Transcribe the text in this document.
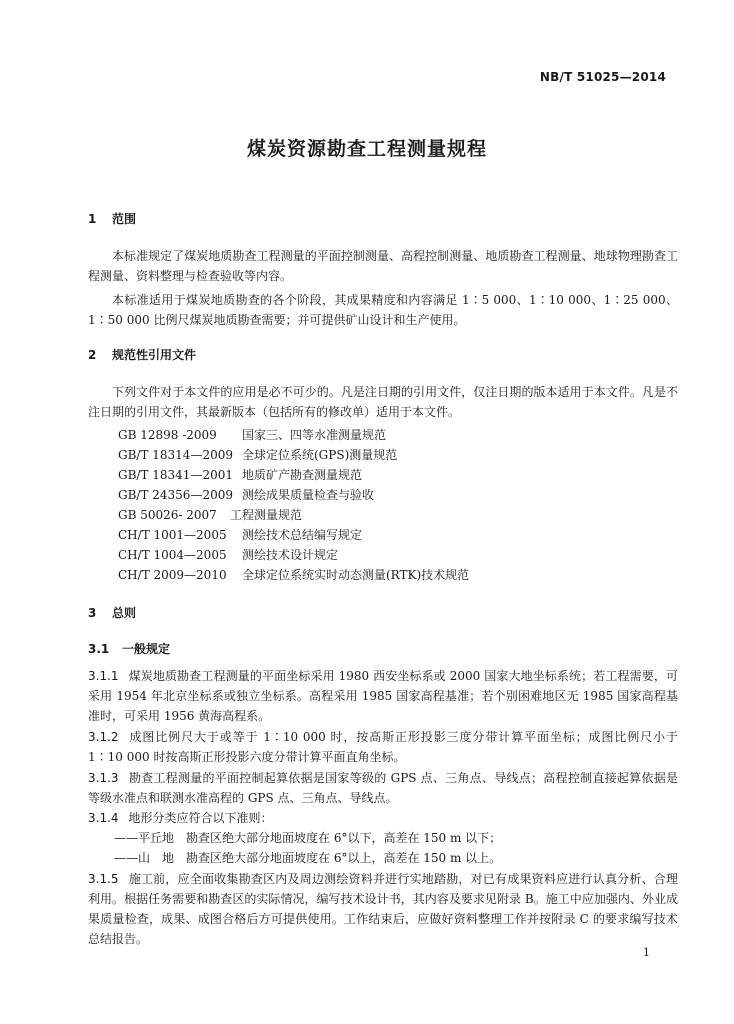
NB/T 51025—2014
煤炭资源勘查工程测量规程
1 范围
本标准规定了煤炭地质勘查工程测量的平面控制测量、高程控制测量、地质勘查工程测量、地球物理勘查工程测量、资料整理与检查验收等内容。
本标准适用于煤炭地质勘查的各个阶段，其成果精度和内容满足 1∶5 000、1∶10 000、1∶25 000、1∶50 000 比例尺煤炭地质勘查需要；并可提供矿山设计和生产使用。
2 规范性引用文件
下列文件对于本文件的应用是必不可少的。凡是注日期的引用文件，仅注日期的版本适用于本文件。凡是不注日期的引用文件，其最新版本（包括所有的修改单）适用于本文件。
GB 12898 -2009 国家三、四等水准测量规范
GB/T 18314—2009 全球定位系统(GPS)测量规范
GB/T 18341—2001 地质矿产勘查测量规范
GB/T 24356—2009 测绘成果质量检查与验收
GB 50026- 2007 工程测量规范
CH/T 1001—2005 测绘技术总结编写规定
CH/T 1004—2005 测绘技术设计规定
CH/T 2009—2010 全球定位系统实时动态测量(RTK)技术规范
3 总则
3.1 一般规定
3.1.1 煤炭地质勘查工程测量的平面坐标采用 1980 西安坐标系或 2000 国家大地坐标系统；若工程需要，可采用 1954 年北京坐标系或独立坐标系。高程采用 1985 国家高程基准；若个别困难地区无 1985 国家高程基准时，可采用 1956 黄海高程系。
3.1.2 成图比例尺大于或等于 1∶10 000 时，按高斯正形投影三度分带计算平面坐标；成图比例尺小于 1∶10 000 时按高斯正形投影六度分带计算平面直角坐标。
3.1.3 勘查工程测量的平面控制起算依据是国家等级的 GPS 点、三角点、导线点；高程控制直接起算依据是等级水准点和联测水准高程的 GPS 点、三角点、导线点。
3.1.4 地形分类应符合以下准则：
——平丘地　勘查区绝大部分地面坡度在 6°以下，高差在 150 m 以下；
——山　地　勘查区绝大部分地面坡度在 6°以上，高差在 150 m 以上。
3.1.5 施工前，应全面收集勘查区内及周边测绘资料并进行实地踏勘，对已有成果资料应进行认真分析、合理利用。根据任务需要和勘查区的实际情况，编写技术设计书，其内容及要求见附录 B。施工中应加强内、外业成果质量检查，成果、成图合格后方可提供使用。工作结束后，应做好资料整理工作并按附录 C 的要求编写技术总结报告。
1
